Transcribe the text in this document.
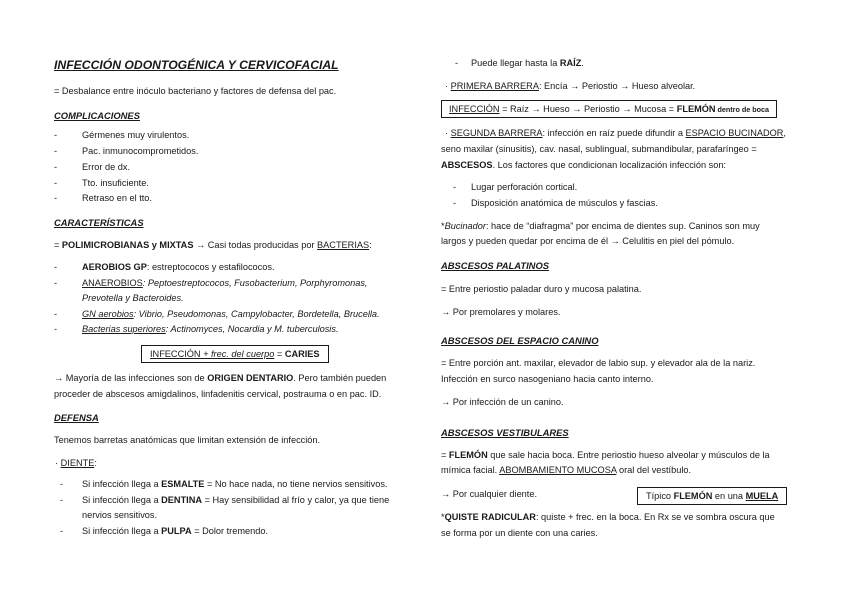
INFECCIÓN ODONTOGÉNICA Y CERVICOFACIAL
= Desbalance entre inóculo bacteriano y factores de defensa del pac.
COMPLICACIONES
-	Gérmenes muy virulentos.
-	Pac. inmunocomprometidos.
-	Error de dx.
-	Tto. insuficiente.
-	Retraso en el tto.
CARACTERÍSTICAS
= POLIMICROBIANAS y MIXTAS → Casi todas producidas por BACTERIAS:
-	AEROBIOS GP: estreptococos y estafilococos.
-	ANAEROBIOS: Peptoestreptococos, Fusobacterium, Porphyromonas,
Prevotella y Bacteroides.
-	GN aerobios: Vibrio, Pseudomonas, Campylobacter, Bordetella, Brucella.
-	Bacterias superiores: Actinomyces, Nocardia y M. tuberculosis.
INFECCIÓN + frec. del cuerpo = CARIES
→ Mayoría de las infecciones son de ORIGEN DENTARIO. Pero también pueden
proceder de abscesos amigdalinos, linfadenitis cervical, postrauma o en pac. ID.
DEFENSA
Tenemos barretas anatómicas que limitan extensión de infección.
· DIENTE:
- Si infección llega a ESMALTE = No hace nada, no tiene nervios sensitivos.
- Si infección llega a DENTINA = Hay sensibilidad al frío y calor, ya que tiene
nervios sensitivos.
- Si infección llega a PULPA = Dolor tremendo.
- Puede llegar hasta la RAÍZ.
· PRIMERA BARRERA: Encía → Periostio → Hueso alveolar.
INFECCIÓN = Raíz → Hueso → Periostio → Mucosa = FLEMÓN dentro de boca
· SEGUNDA BARRERA: infección en raíz puede difundir a ESPACIO BUCINADOR,
seno maxilar (sinusitis), cav. nasal, sublingual, submandibular, parafaríngeo =
ABSCESOS. Los factores que condicionan localización infección son:
- Lugar perforación cortical.
- Disposición anatómica de músculos y fascias.
*Bucinador: hace de “diafragma” por encima de dientes sup. Caninos son muy
largos y pueden quedar por encima de él → Celulitis en piel del pómulo.
ABSCESOS PALATINOS
= Entre periostio paladar duro y mucosa palatina.
→ Por premolares y molares.
ABSCESOS DEL ESPACIO CANINO
= Entre porción ant. maxilar, elevador de labio sup. y elevador ala de la nariz.
Infección en surco nasogeniano hacia canto interno.
→ Por infección de un canino.
ABSCESOS VESTIBULARES
= FLEMÓN que sale hacia boca. Entre periostio hueso alveolar y músculos de la
mímica facial. ABOMBAMIENTO MUCOSA oral del vestíbulo.
→ Por cualquier diente.	Típico FLEMÓN en una MUELA
*QUISTE RADICULAR: quiste + frec. en la boca. En Rx se ve sombra oscura que
se forma por un diente con una caries.
